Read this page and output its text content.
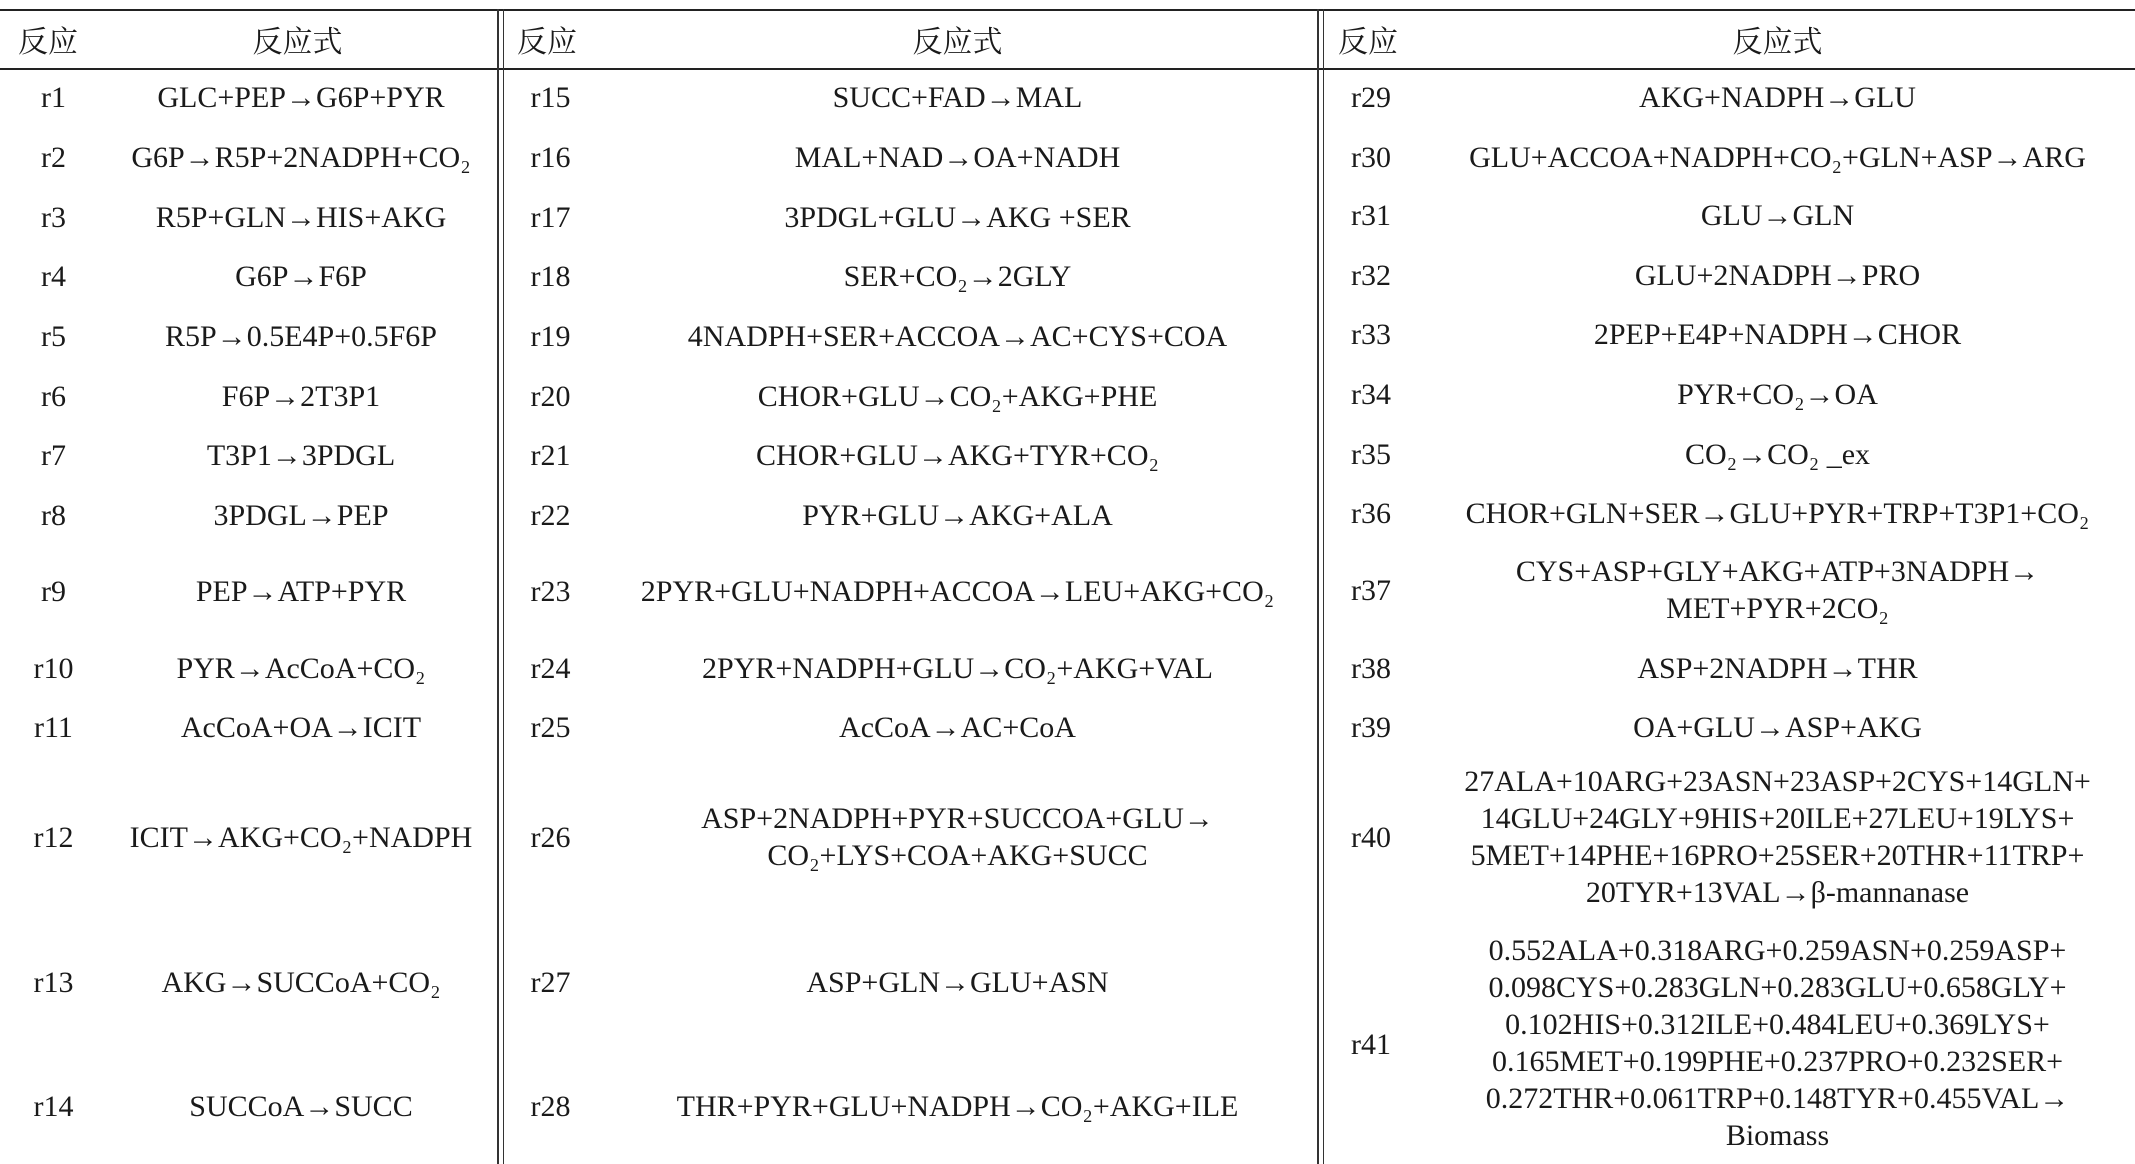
反应	反应式	反应	反应式	反应	反应式
r1	GLC+PEP→G6P+PYR
r2	G6P→R5P+2NADPH+CO₂
r3	R5P+GLN→HIS+AKG
r4	G6P→F6P
r5	R5P→0.5E4P+0.5F6P
r6	F6P→2T3P1
r7	T3P1→3PDGL
r8	3PDGL→PEP
r9	PEP→ATP+PYR
r10	PYR→AcCoA+CO₂
r11	AcCoA+OA→ICIT
r12	ICIT→AKG+CO₂+NADPH
r13	AKG→SUCCoA+CO₂
r14	SUCCoA→SUCC
r15	SUCC+FAD→MAL
r16	MAL+NAD→OA+NADH
r17	3PDGL+GLU→AKG +SER
r18	SER+CO₂→2GLY
r19	4NADPH+SER+ACCOA→AC+CYS+COA
r20	CHOR+GLU→CO₂+AKG+PHE
r21	CHOR+GLU→AKG+TYR+CO₂
r22	PYR+GLU→AKG+ALA
r23	2PYR+GLU+NADPH+ACCOA→LEU+AKG+CO₂
r24	2PYR+NADPH+GLU→CO₂+AKG+VAL
r25	AcCoA→AC+CoA
r26
ASP+2NADPH+PYR+SUCCOA+GLU→
CO₂+LYS+COA+AKG+SUCC
r27	ASP+GLN→GLU+ASN
r28	THR+PYR+GLU+NADPH→CO₂+AKG+ILE
r29	AKG+NADPH→GLU
r30	GLU+ACCOA+NADPH+CO₂+GLN+ASP→ARG
r31	GLU→GLN
r32	GLU+2NADPH→PRO
r33	2PEP+E4P+NADPH→CHOR
r34	PYR+CO₂→OA
r35	CO₂→CO₂ _ex
r36	CHOR+GLN+SER→GLU+PYR+TRP+T3P1+CO₂
r37
CYS+ASP+GLY+AKG+ATP+3NADPH→
MET+PYR+2CO₂
r38	ASP+2NADPH→THR
r39	OA+GLU→ASP+AKG
r40
27ALA+10ARG+23ASN+23ASP+2CYS+14GLN+
14GLU+24GLY+9HIS+20ILE+27LEU+19LYS+
5MET+14PHE+16PRO+25SER+20THR+11TRP+
20TYR+13VAL→β-mannanase
r41
0.552ALA+0.318ARG+0.259ASN+0.259ASP+
0.098CYS+0.283GLN+0.283GLU+0.658GLY+
0.102HIS+0.312ILE+0.484LEU+0.369LYS+
0.165MET+0.199PHE+0.237PRO+0.232SER+
0.272THR+0.061TRP+0.148TYR+0.455VAL→
Biomass
